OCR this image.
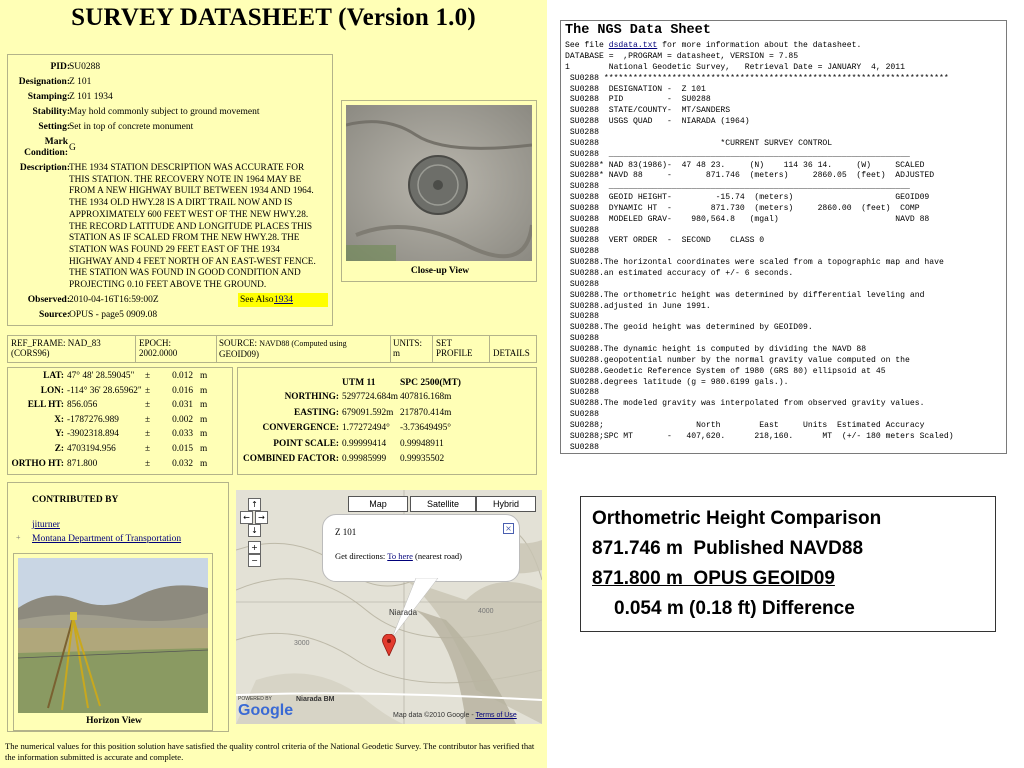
SURVEY DATASHEET (Version 1.0)
PID: SU0288
Designation: Z 101
Stamping: Z 101 1934
Stability: May hold commonly subject to ground movement
Setting: Set in top of concrete monument
Mark Condition: G
Description: THE 1934 STATION DESCRIPTION WAS ACCURATE FOR
THIS STATION. THE RECOVERY NOTE IN 1964 MAY BE
FROM A NEW HIGHWAY BUILT BETWEEN 1934 AND 1964.
THE 1934 OLD HWY.28 IS A DIRT TRAIL NOW AND IS
APPROXIMATELY 600 FEET WEST OF THE NEW HWY.28.
THE RECORD LATITUDE AND LONGITUDE PLACES THIS
STATION AS IF SCALED FROM THE NEW HWY.28. THE
STATION WAS FOUND 29 FEET EAST OF THE 1934
HIGHWAY AND 4 FEET NORTH OF AN EAST-WEST FENCE.
THE STATION WAS FOUND IN GOOD CONDITION AND
PROJECTING 0.10 FEET ABOVE THE GROUND.
Observed: 2010-04-16T16:59:00Z	See Also 1934
Source: OPUS - page5 0909.08
Close-up View
REF_FRAME: NAD_83
(CORS96)
EPOCH:
2002.0000
SOURCE: NAVD88 (Computed using
GEOID09)
UNITS:
m
SET PROFILE	DETAILS
LAT: 47° 48' 28.59045" ±	0.012 m
LON: -114° 36' 28.65962" ±	0.016 m
ELL HT: 856.056	±	0.031 m
X: -1787276.989	±	0.002 m
Y: -3902318.894	±	0.033 m
Z: 4703194.956	±	0.015 m
ORTHO HT: 871.800	±	0.032 m
UTM 11	SPC 2500(MT)
NORTHING: 5297724.684m 407816.168m
EASTING: 679091.592m 217870.414m
CONVERGENCE: 1.77272494° -3.73649495°
POINT SCALE: 0.99999414 0.99948911
COMBINED FACTOR: 0.99985999 0.99935502
CONTRIBUTED BY
jiturner
+ Montana Department of Transportation
Horizon View
Map	Satellite	Hybrid
↑
←	→
↓
+
−
Z 101
Get directions: To here (nearest road)
×
Niarada
3000
4000
Niarada BM
POWERED BY
Google	Map data ©2010 Google - Terms of Use
The numerical values for this position solution have satisfied the quality control criteria of the National Geodetic Survey. The contributor has verified that the information submitted is accurate and complete.
The NGS Data Sheet
See file dsdata.txt for more information about the datasheet.
DATABASE =  ,PROGRAM = datasheet, VERSION = 7.85
1        National Geodetic Survey,   Retrieval Date = JANUARY  4, 2011
SU0288 ***********************************************************************
SU0288  DESIGNATION -  Z 101
SU0288  PID         -  SU0288
SU0288  STATE/COUNTY-  MT/SANDERS
SU0288  USGS QUAD   -  NIARADA (1964)
SU0288
SU0288                         *CURRENT SURVEY CONTROL
SU0288  ______________________________________________________________
SU0288* NAD 83(1986)-  47 48 23.     (N)    114 36 14.     (W)     SCALED
SU0288* NAVD 88     -       871.746  (meters)     2860.05  (feet)  ADJUSTED
SU0288  ______________________________________________________________
SU0288  GEOID HEIGHT-         -15.74  (meters)                     GEOID09
SU0288  DYNAMIC HT  -        871.730  (meters)     2860.00  (feet)  COMP
SU0288  MODELED GRAV-    980,564.8   (mgal)                        NAVD 88
SU0288
SU0288  VERT ORDER  -  SECOND    CLASS 0
SU0288
SU0288.The horizontal coordinates were scaled from a topographic map and have
SU0288.an estimated accuracy of +/- 6 seconds.
SU0288
SU0288.The orthometric height was determined by differential leveling and
SU0288.adjusted in June 1991.
SU0288
SU0288.The geoid height was determined by GEOID09.
SU0288
SU0288.The dynamic height is computed by dividing the NAVD 88
SU0288.geopotential number by the normal gravity value computed on the
SU0288.Geodetic Reference System of 1980 (GRS 80) ellipsoid at 45
SU0288.degrees latitude (g = 980.6199 gals.).
SU0288
SU0288.The modeled gravity was interpolated from observed gravity values.
SU0288
SU0288;                   North        East     Units  Estimated Accuracy
SU0288;SPC MT       -   407,620.      218,160.      MT  (+/- 180 meters Scaled)
SU0288
Orthometric Height Comparison
871.746 m  Published NAVD88
871.800 m  OPUS GEOID09
0.054 m (0.18 ft) Difference
